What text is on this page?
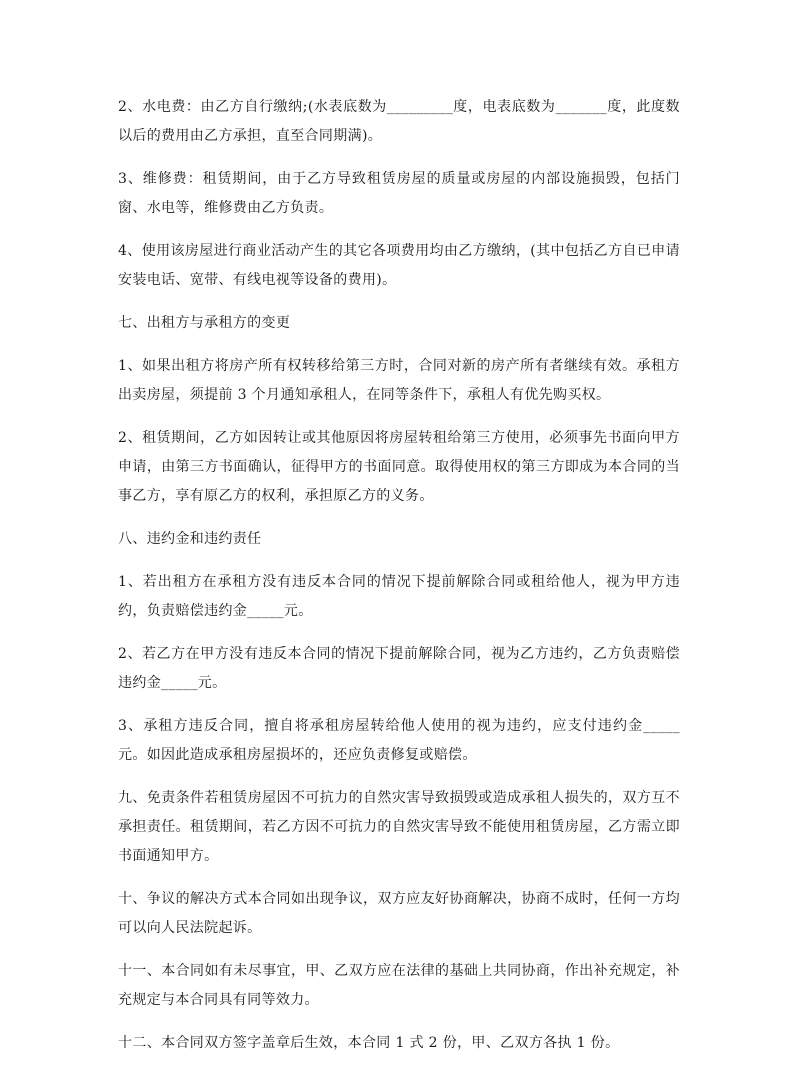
2、水电费：由乙方自行缴纳;(水表底数为_________度，电表底数为_______度，此度数以后的费用由乙方承担，直至合同期满)。

3、维修费：租赁期间，由于乙方导致租赁房屋的质量或房屋的内部设施损毁，包括门窗、水电等，维修费由乙方负责。

4、使用该房屋进行商业活动产生的其它各项费用均由乙方缴纳，(其中包括乙方自已申请安装电话、宽带、有线电视等设备的费用)。

七、出租方与承租方的变更

1、如果出租方将房产所有权转移给第三方时，合同对新的房产所有者继续有效。承租方出卖房屋，须提前 3 个月通知承租人，在同等条件下，承租人有优先购买权。

2、租赁期间，乙方如因转让或其他原因将房屋转租给第三方使用，必须事先书面向甲方申请，由第三方书面确认，征得甲方的书面同意。取得使用权的第三方即成为本合同的当事乙方，享有原乙方的权利，承担原乙方的义务。

八、违约金和违约责任

1、若出租方在承租方没有违反本合同的情况下提前解除合同或租给他人，视为甲方违约，负责赔偿违约金_____元。

2、若乙方在甲方没有违反本合同的情况下提前解除合同，视为乙方违约，乙方负责赔偿违约金_____元。

3、承租方违反合同，擅自将承租房屋转给他人使用的视为违约，应支付违约金_____元。如因此造成承租房屋损坏的，还应负责修复或赔偿。

九、免责条件若租赁房屋因不可抗力的自然灾害导致损毁或造成承租人损失的，双方互不承担责任。租赁期间，若乙方因不可抗力的自然灾害导致不能使用租赁房屋，乙方需立即书面通知甲方。

十、争议的解决方式本合同如出现争议，双方应友好协商解决，协商不成时，任何一方均可以向人民法院起诉。

十一、本合同如有未尽事宜，甲、乙双方应在法律的基础上共同协商，作出补充规定，补充规定与本合同具有同等效力。

十二、本合同双方签字盖章后生效，本合同 1 式 2 份，甲、乙双方各执 1 份。
